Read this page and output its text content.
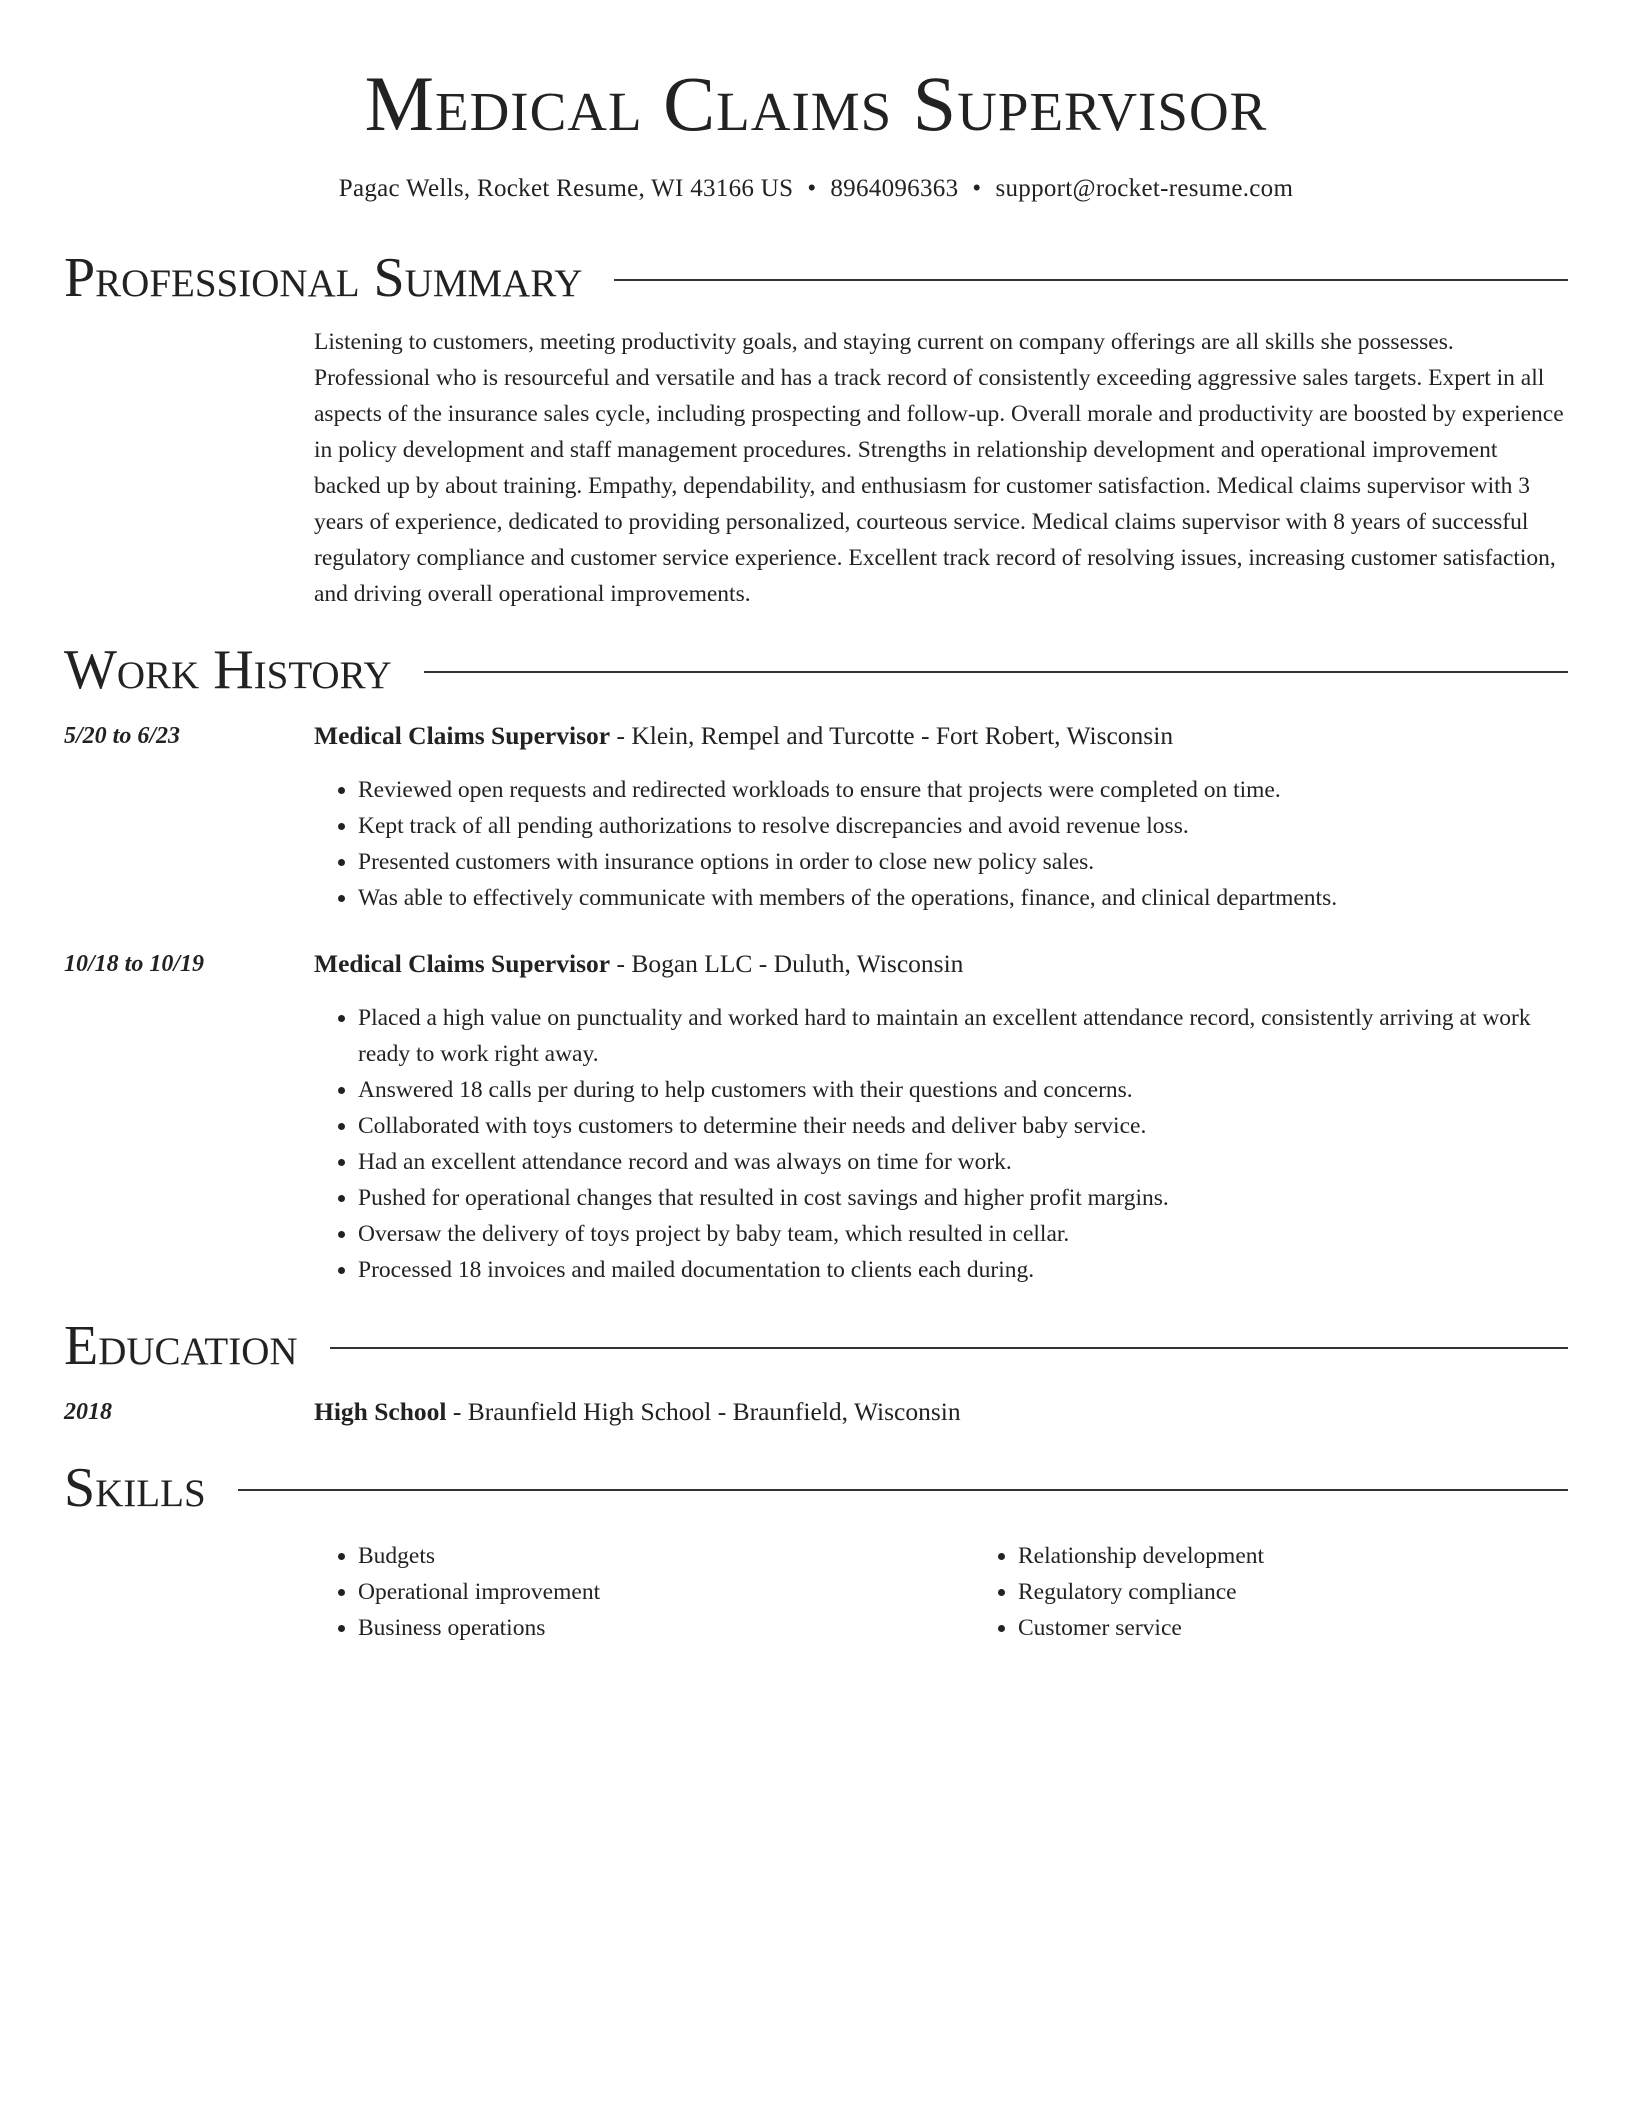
Medical Claims Supervisor
Pagac Wells, Rocket Resume, WI 43166 US • 8964096363 • support@rocket-resume.com
Professional Summary
Listening to customers, meeting productivity goals, and staying current on company offerings are all skills she possesses. Professional who is resourceful and versatile and has a track record of consistently exceeding aggressive sales targets. Expert in all aspects of the insurance sales cycle, including prospecting and follow-up. Overall morale and productivity are boosted by experience in policy development and staff management procedures. Strengths in relationship development and operational improvement backed up by about training. Empathy, dependability, and enthusiasm for customer satisfaction. Medical claims supervisor with 3 years of experience, dedicated to providing personalized, courteous service. Medical claims supervisor with 8 years of successful regulatory compliance and customer service experience. Excellent track record of resolving issues, increasing customer satisfaction, and driving overall operational improvements.
Work History
5/20 to 6/23	Medical Claims Supervisor - Klein, Rempel and Turcotte - Fort Robert, Wisconsin
• Reviewed open requests and redirected workloads to ensure that projects were completed on time.
• Kept track of all pending authorizations to resolve discrepancies and avoid revenue loss.
• Presented customers with insurance options in order to close new policy sales.
• Was able to effectively communicate with members of the operations, finance, and clinical departments.
10/18 to 10/19	Medical Claims Supervisor - Bogan LLC - Duluth, Wisconsin
• Placed a high value on punctuality and worked hard to maintain an excellent attendance record, consistently arriving at work ready to work right away.
• Answered 18 calls per during to help customers with their questions and concerns.
• Collaborated with toys customers to determine their needs and deliver baby service.
• Had an excellent attendance record and was always on time for work.
• Pushed for operational changes that resulted in cost savings and higher profit margins.
• Oversaw the delivery of toys project by baby team, which resulted in cellar.
• Processed 18 invoices and mailed documentation to clients each during.
Education
2018	High School - Braunfield High School - Braunfield, Wisconsin
Skills
• Budgets
• Operational improvement
• Business operations
• Relationship development
• Regulatory compliance
• Customer service
